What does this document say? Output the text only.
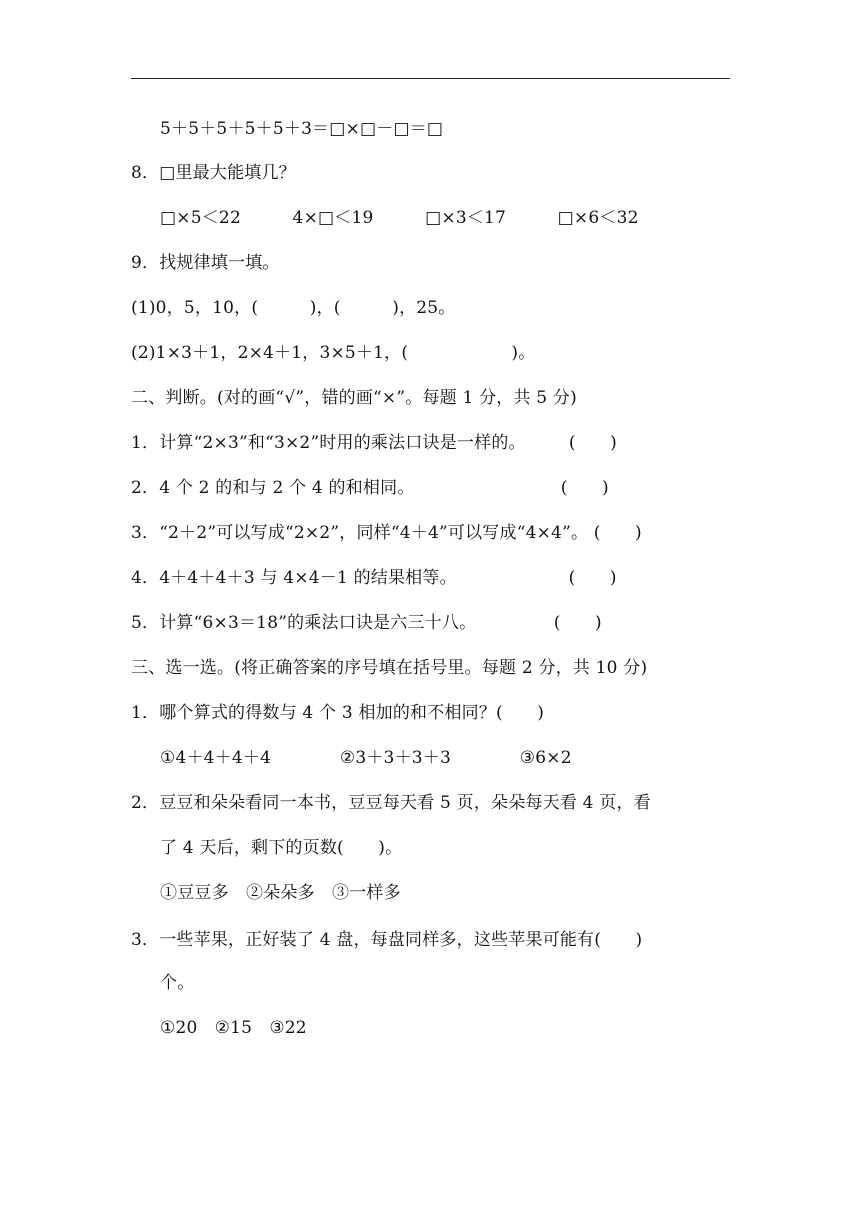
5＋5＋5＋5＋5＋3＝□×□－□＝□
8．□里最大能填几？
□×5＜22　　　4×□＜19　　　□×3＜17　　　□×6＜32
9．找规律填一填。
(1)0，5，10，(　　　)，(　　　)，25。
(2)1×3＋1，2×4＋1，3×5＋1，(　　　　　　)。
二、判断。(对的画“√”，错的画“×”。每题 1 分，共 5 分)
1．计算“2×3”和“3×2”时用的乘法口诀是一样的。　　　(　　)
2．4 个 2 的和与 2 个 4 的和相同。　　　　　　　　　(　　)
3．“2＋2”可以写成“2×2”，同样“4＋4”可以写成“4×4”。 (　　)
4．4＋4＋4＋3 与 4×4－1 的结果相等。　　　　　　　(　　)
5．计算“6×3＝18”的乘法口诀是六三十八。　　　　　(　　)
三、选一选。(将正确答案的序号填在括号里。每题 2 分，共 10 分)
1．哪个算式的得数与 4 个 3 相加的和不相同？(　　)
①4＋4＋4＋4　　　　②3＋3＋3＋3　　　　③6×2
2．豆豆和朵朵看同一本书，豆豆每天看 5 页，朵朵每天看 4 页，看
了 4 天后，剩下的页数(　　)。
①豆豆多　②朵朵多　③一样多
3．一些苹果，正好装了 4 盘，每盘同样多，这些苹果可能有(　　)
个。
①20　②15　③22
